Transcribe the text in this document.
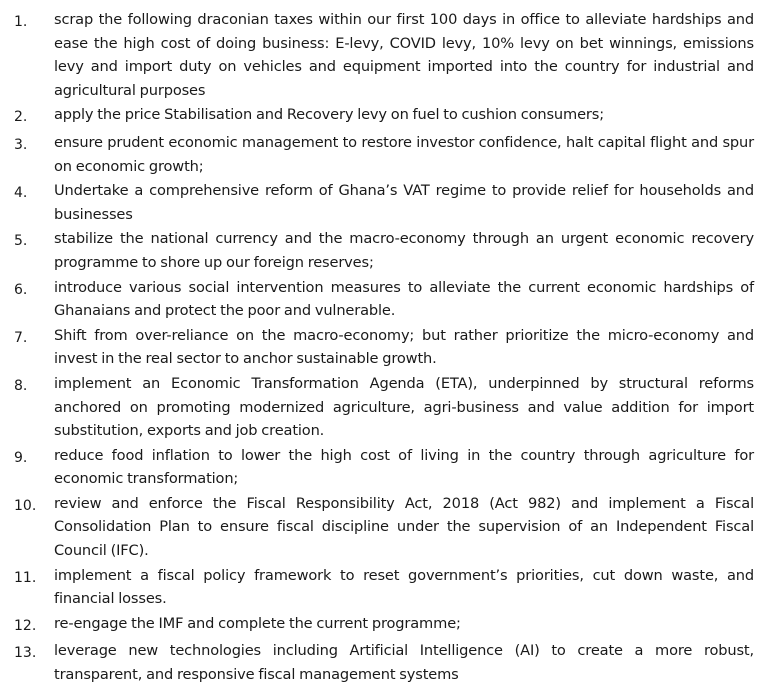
1.	scrap the following draconian taxes within our first 100 days in office to alleviate hardships and ease the high cost of doing business: E-levy, COVID levy, 10% levy on bet winnings, emissions levy and import duty on vehicles and equipment imported into the country for industrial and agricultural purposes
2.	apply the price Stabilisation and Recovery levy on fuel to cushion consumers;
3.	ensure prudent economic management to restore investor confidence, halt capital flight and spur on economic growth;
4.	Undertake a comprehensive reform of Ghana’s VAT regime to provide relief for households and businesses
5.	stabilize the national currency and the macro-economy through an urgent economic recovery programme to shore up our foreign reserves;
6.	introduce various social intervention measures to alleviate the current economic hardships of Ghanaians and protect the poor and vulnerable.
7.	Shift from over-reliance on the macro-economy; but rather prioritize the micro-economy and invest in the real sector to anchor sustainable growth.
8.	implement an Economic Transformation Agenda (ETA), underpinned by structural reforms anchored on promoting modernized agriculture, agri-business and value addition for import substitution, exports and job creation.
9.	reduce food inflation to lower the high cost of living in the country through agriculture for economic transformation;
10.	review and enforce the Fiscal Responsibility Act, 2018 (Act 982) and implement a Fiscal Consolidation Plan to ensure fiscal discipline under the supervision of an Independent Fiscal Council (IFC).
11.	implement a fiscal policy framework to reset government’s priorities, cut down waste, and financial losses.
12.	re-engage the IMF and complete the current programme;
13.	leverage new technologies including Artificial Intelligence (AI) to create a more robust, transparent, and responsive fiscal management systems
